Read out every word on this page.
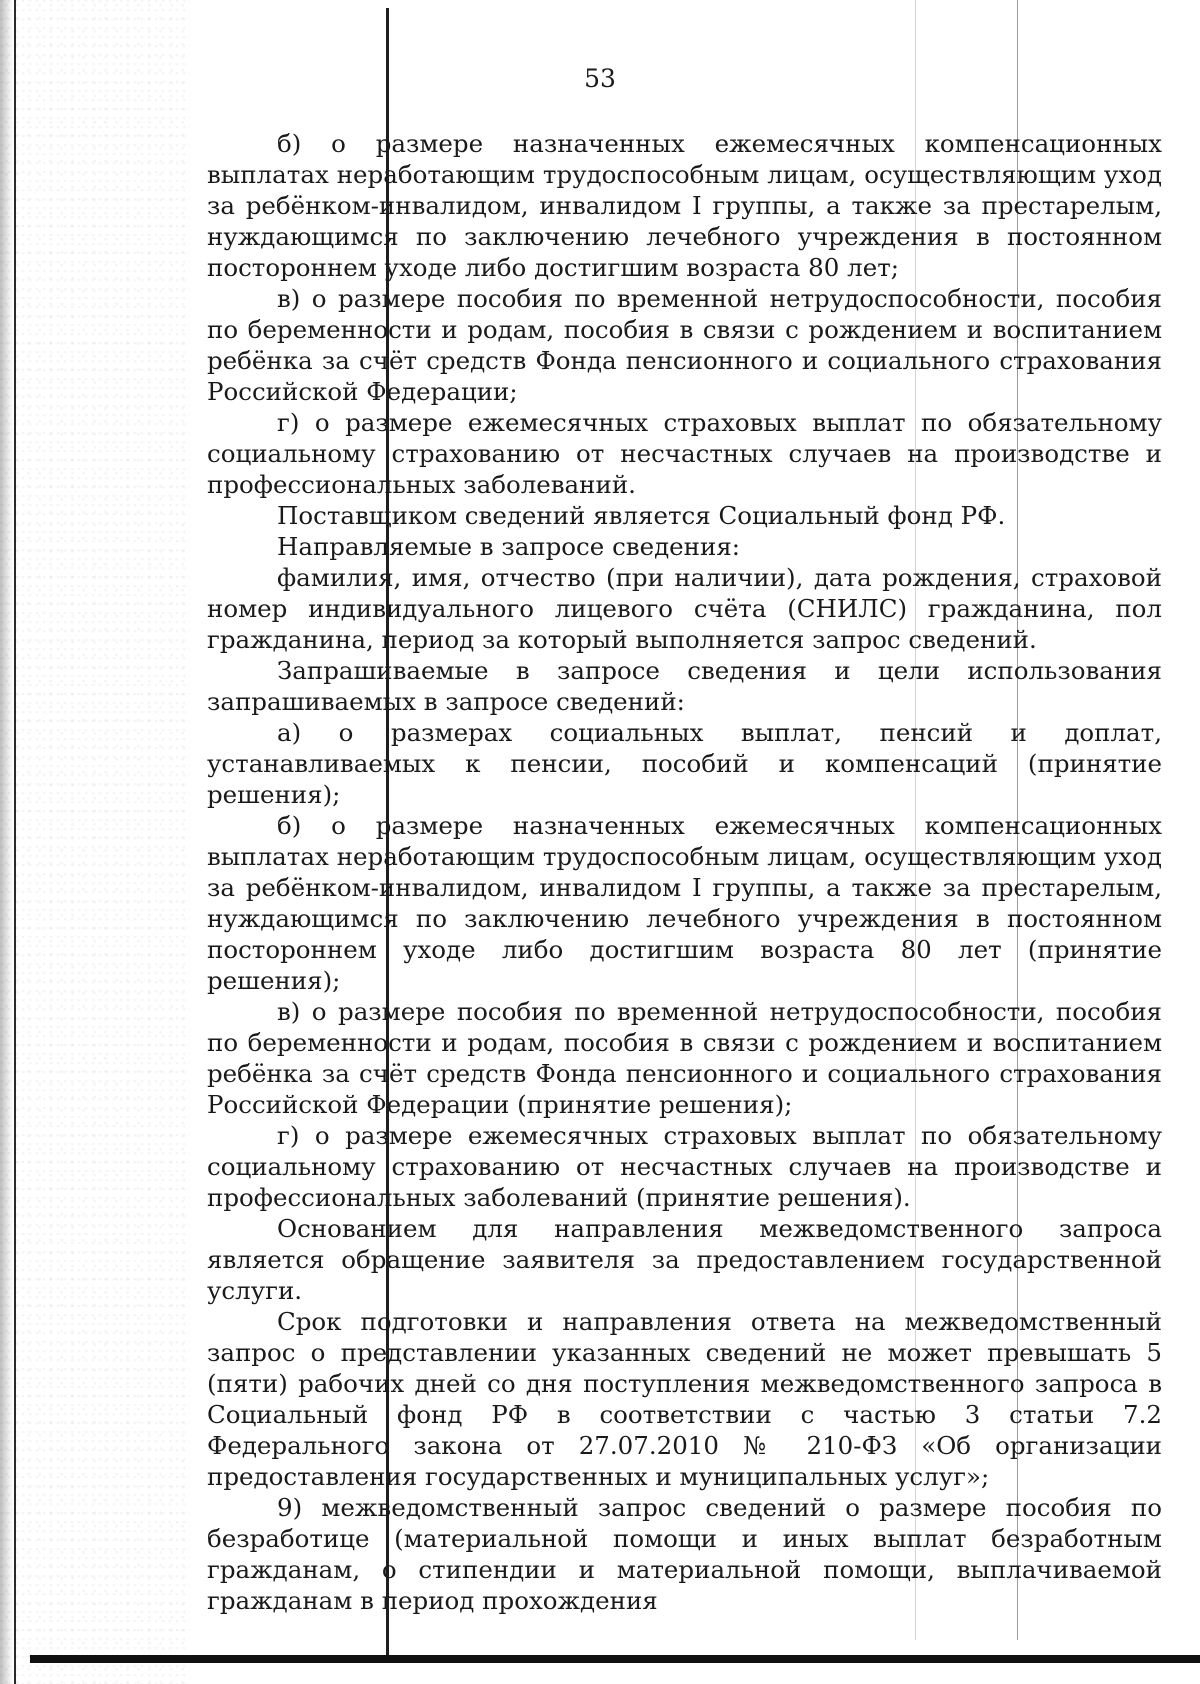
53

б) о размере назначенных ежемесячных компенсационных выплатах неработающим трудоспособным лицам, осуществляющим уход за ребёнком-инвалидом, инвалидом I группы, а также за престарелым, нуждающимся по заключению лечебного учреждения в постоянном постороннем уходе либо достигшим возраста 80 лет;

в) о размере пособия по временной нетрудоспособности, пособия по беременности и родам, пособия в связи с рождением и воспитанием ребёнка за счёт средств Фонда пенсионного и социального страхования Российской Федерации;

г) о размере ежемесячных страховых выплат по обязательному социальному страхованию от несчастных случаев на производстве и профессиональных заболеваний.

Поставщиком сведений является Социальный фонд РФ.

Направляемые в запросе сведения:

фамилия, имя, отчество (при наличии), дата рождения, страховой номер индивидуального лицевого счёта (СНИЛС) гражданина, пол гражданина, период за который выполняется запрос сведений.

Запрашиваемые в запросе сведения и цели использования запрашиваемых в запросе сведений:

а) о размерах социальных выплат, пенсий и доплат, устанавливаемых к пенсии, пособий и компенсаций (принятие решения);

б) о размере назначенных ежемесячных компенсационных выплатах неработающим трудоспособным лицам, осуществляющим уход за ребёнком-инвалидом, инвалидом I группы, а также за престарелым, нуждающимся по заключению лечебного учреждения в постоянном постороннем уходе либо достигшим возраста 80 лет (принятие решения);

в) о размере пособия по временной нетрудоспособности, пособия по беременности и родам, пособия в связи с рождением и воспитанием ребёнка за счёт средств Фонда пенсионного и социального страхования Российской Федерации (принятие решения);

г) о размере ежемесячных страховых выплат по обязательному социальному страхованию от несчастных случаев на производстве и профессиональных заболеваний (принятие решения).

Основанием для направления межведомственного запроса является обращение заявителя за предоставлением государственной услуги.

Срок подготовки и направления ответа на межведомственный запрос о представлении указанных сведений не может превышать 5 (пяти) рабочих дней со дня поступления межведомственного запроса в Социальный фонд РФ в соответствии с частью 3 статьи 7.2 Федерального закона от 27.07.2010 № 210-ФЗ «Об организации предоставления государственных и муниципальных услуг»;

9) межведомственный запрос сведений о размере пособия по безработице (материальной помощи и иных выплат безработным гражданам, о стипендии и материальной помощи, выплачиваемой гражданам в период прохождения
